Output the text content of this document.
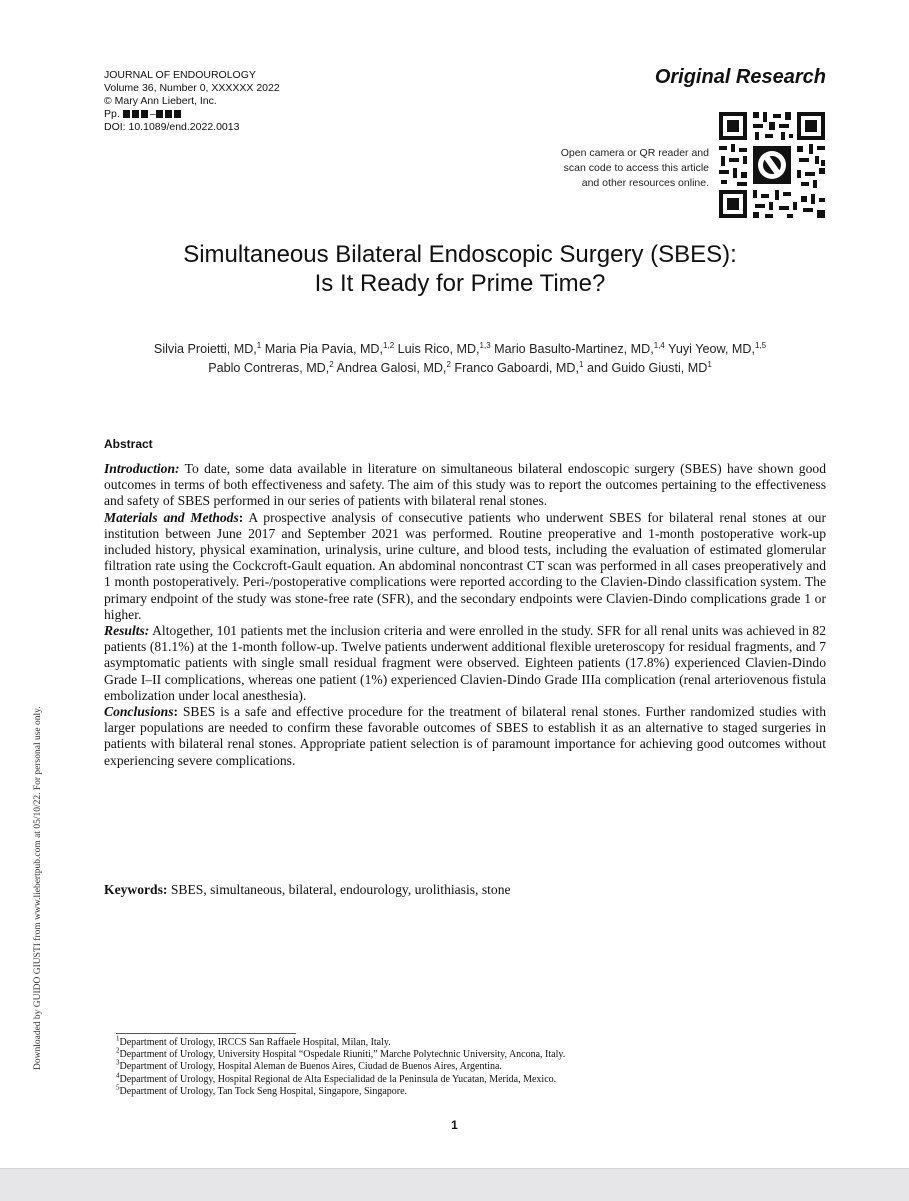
JOURNAL OF ENDOUROLOGY
Volume 36, Number 0, XXXXXX 2022
© Mary Ann Liebert, Inc.
Pp.	–
DOI: 10.1089/end.2022.0013
Original Research
Open camera or QR reader and
scan code to access this article
and other resources online.
Simultaneous Bilateral Endoscopic Surgery (SBES):
Is It Ready for Prime Time?
Silvia Proietti, MD,$^1$ Maria Pia Pavia, MD,$^{1,2}$ Luis Rico, MD,$^{1,3}$ Mario Basulto-Martinez, MD,$^{1,4}$ Yuyi Yeow, MD,$^{1,5}$
Pablo Contreras, MD,$^2$ Andrea Galosi, MD,$^2$ Franco Gaboardi, MD,$^1$ and Guido Giusti, $MD^1$
Downloaded by GUIDO GIUSTI from www.liebertpub.com at 05/10/22. For personal use only.
Abstract

Introduction: To date, some data available in literature on simultaneous bilateral endoscopic surgery (SBES) have shown good outcomes in terms of both effectiveness and safety. The aim of this study was to report the outcomes pertaining to the effectiveness and safety of SBES performed in our series of patients with bilateral renal stones.

Materials and Methods: A prospective analysis of consecutive patients who underwent SBES for bilateral renal stones at our institution between June 2017 and September 2021 was performed. Routine preoperative and 1-month postoperative work-up included history, physical examination, urinalysis, urine culture, and blood tests, including the evaluation of estimated glomerular filtration rate using the Cockcroft-Gault equation. An abdominal noncontrast CT scan was performed in all cases preoperatively and 1 month postoperatively. Peri-/postoperative complications were reported according to the Clavien-Dindo classification system. The primary endpoint of the study was stone-free rate (SFR), and the secondary endpoints were Clavien-Dindo complications grade 1 or higher.

Results: Altogether, 101 patients met the inclusion criteria and were enrolled in the study. SFR for all renal units was achieved in 82 patients (81.1%) at the 1-month follow-up. Twelve patients underwent additional flexible ureteroscopy for residual fragments, and 7 asymptomatic patients with single small residual fragment were observed. Eighteen patients (17.8%) experienced Clavien-Dindo Grade I–II complications, whereas one patient (1%) experienced Clavien-Dindo Grade IIIa complication (renal arteriovenous fistula embolization under local anesthesia).

Conclusions: SBES is a safe and effective procedure for the treatment of bilateral renal stones. Further randomized studies with larger populations are needed to confirm these favorable outcomes of SBES to establish it as an alternative to staged surgeries in patients with bilateral renal stones. Appropriate patient selection is of paramount importance for achieving good outcomes without experiencing severe complications.

Keywords: SBES, simultaneous, bilateral, endourology, urolithiasis, stone
$^1$Department of Urology, IRCCS San Raffaele Hospital, Milan, Italy.
$^2$Department of Urology, University Hospital “Ospedale Riuniti,” Marche Polytechnic University, Ancona, Italy.
$^3$Department of Urology, Hospital Aleman de Buenos Aires, Ciudad de Buenos Aires, Argentina.
$^4$Department of Urology, Hospital Regional de Alta Especialidad de la Peninsula de Yucatan, Merida, Mexico.
$^5$Department of Urology, Tan Tock Seng Hospital, Singapore, Singapore.
1
